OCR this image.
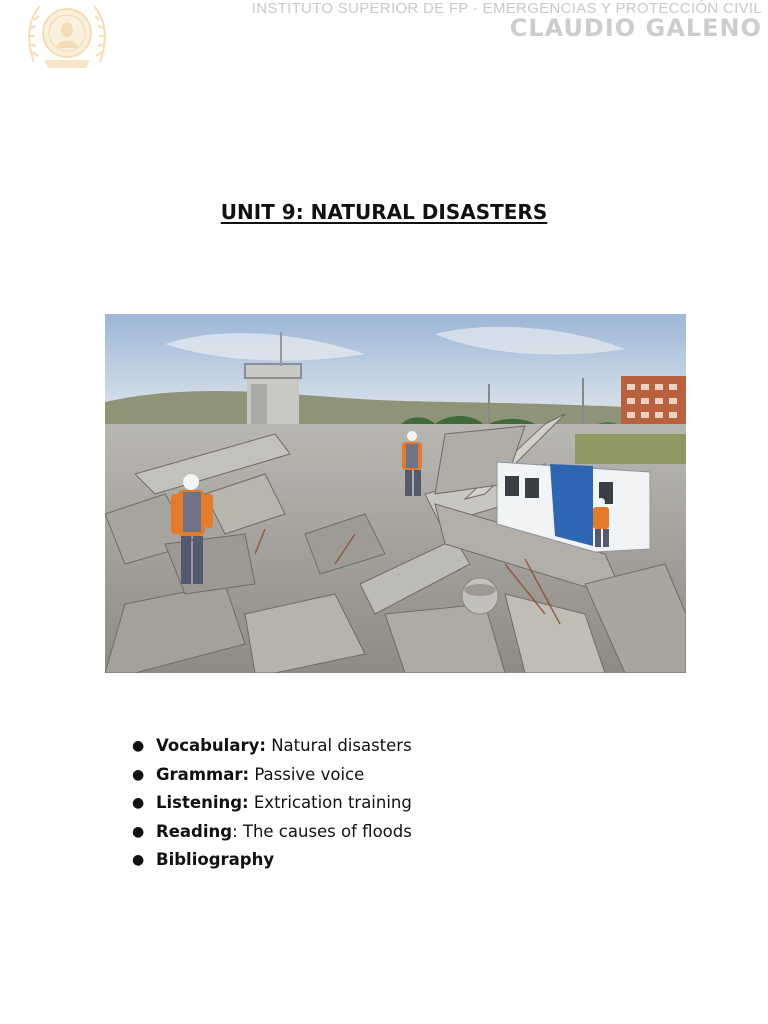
INSTITUTO SUPERIOR DE FP - EMERGENCIAS Y PROTECCIÓN CIVIL
CLAUDIO GALENO
UNIT 9: NATURAL DISASTERS
● Vocabulary: Natural disasters
● Grammar: Passive voice
● Listening: Extrication training
● Reading: The causes of floods
● Bibliography
